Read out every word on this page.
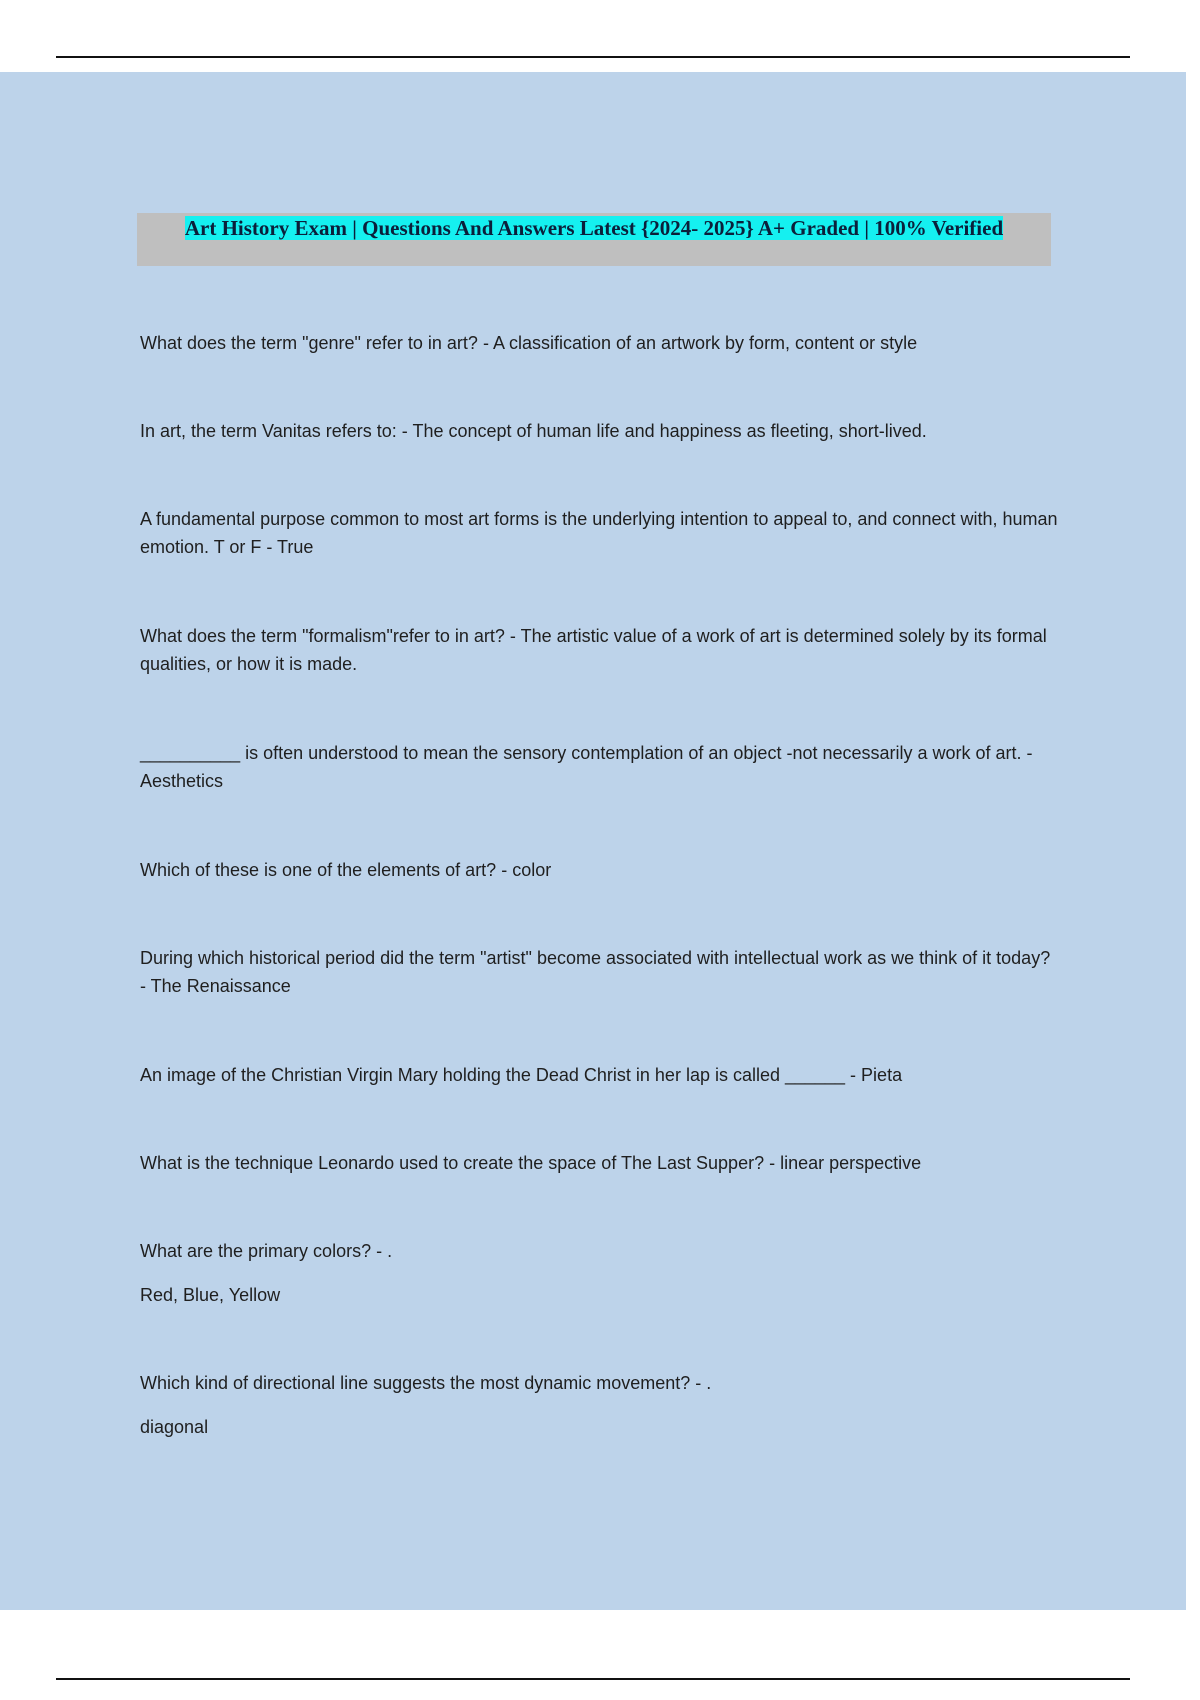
Art History Exam | Questions And Answers Latest {2024- 2025} A+ Graded | 100% Verified

What does the term "genre" refer to in art? - A classification of an artwork by form, content or style

In art, the term Vanitas refers to: - The concept of human life and happiness as fleeting, short-lived.

A fundamental purpose common to most art forms is the underlying intention to appeal to, and connect with, human emotion. T or F - True

What does the term "formalism"refer to in art? - The artistic value of a work of art is determined solely by its formal qualities, or how it is made.

__________ is often understood to mean the sensory contemplation of an object -not necessarily a work of art. - Aesthetics

Which of these is one of the elements of art? - color

During which historical period did the term "artist" become associated with intellectual work as we think of it today? - The Renaissance

An image of the Christian Virgin Mary holding the Dead Christ in her lap is called ______ - Pieta

What is the technique Leonardo used to create the space of The Last Supper? - linear perspective

What are the primary colors? - .

Red, Blue, Yellow

Which kind of directional line suggests the most dynamic movement? - .

diagonal
